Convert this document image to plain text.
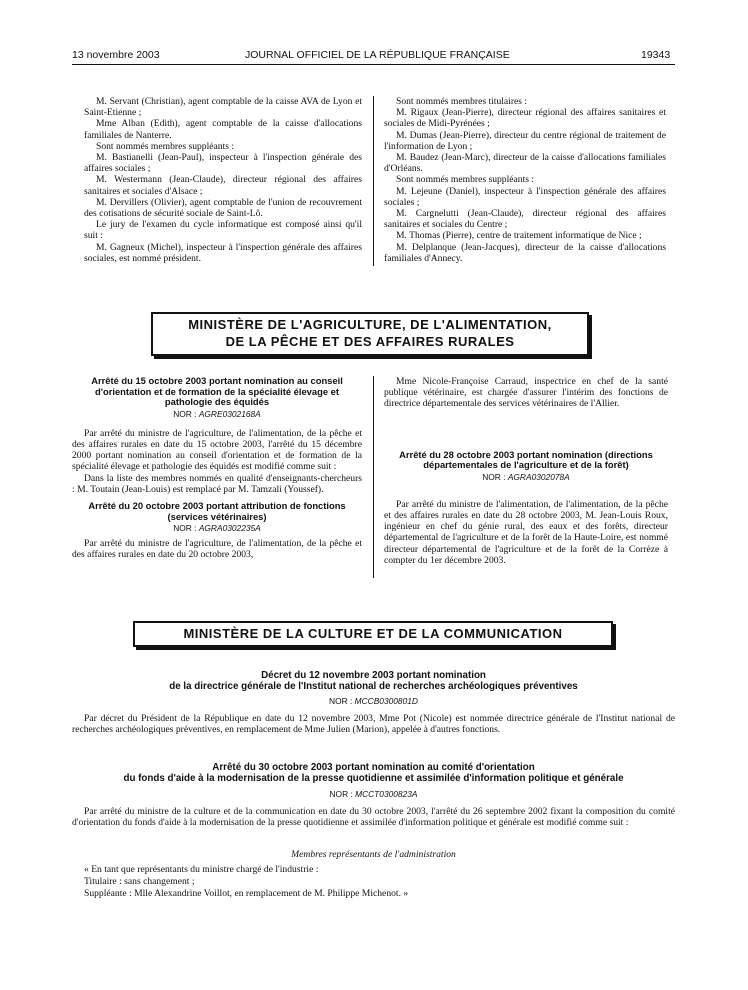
13 novembre 2003	JOURNAL OFFICIEL DE LA RÉPUBLIQUE FRANÇAISE	19343

M. Servant (Christian), agent comptable de la caisse AVA de Lyon et Saint-Etienne ;

Mme Alban (Edith), agent comptable de la caisse d'allocations familiales de Nanterre.

Sont nommés membres suppléants :

M. Bastianelli (Jean-Paul), inspecteur à l'inspection générale des affaires sociales ;

M. Westermann (Jean-Claude), directeur régional des affaires sanitaires et sociales d'Alsace ;

M. Dervillers (Olivier), agent comptable de l'union de recouvrement des cotisations de sécurité sociale de Saint-Lô.

Le jury de l'examen du cycle informatique est composé ainsi qu'il suit :

M. Gagneux (Michel), inspecteur à l'inspection générale des affaires sociales, est nommé président.

Sont nommés membres titulaires :

M. Rigaux (Jean-Pierre), directeur régional des affaires sanitaires et sociales de Midi-Pyrénées ;

M. Dumas (Jean-Pierre), directeur du centre régional de traitement de l'information de Lyon ;

M. Baudez (Jean-Marc), directeur de la caisse d'allocations familiales d'Orléans.

Sont nommés membres suppléants :

M. Lejeune (Daniel), inspecteur à l'inspection générale des affaires sociales ;

M. Cargnelutti (Jean-Claude), directeur régional des affaires sanitaires et sociales du Centre ;

M. Thomas (Pierre), centre de traitement informatique de Nice ;

M. Delplanque (Jean-Jacques), directeur de la caisse d'allocations familiales d'Annecy.

MINISTÈRE DE L'AGRICULTURE, DE L'ALIMENTATION,
DE LA PÊCHE ET DES AFFAIRES RURALES
Arrêté du 15 octobre 2003 portant nomination au conseil d'orientation et de formation de la spécialité élevage et pathologie des équidés
NOR : AGRE0302168A

Par arrêté du ministre de l'agriculture, de l'alimentation, de la pêche et des affaires rurales en date du 15 octobre 2003, l'arrêté du 15 décembre 2000 portant nomination au conseil d'orientation et de formation de la spécialité élevage et pathologie des équidés est modifié comme suit :

Dans la liste des membres nommés en qualité d'enseignants-chercheurs : M. Toutain (Jean-Louis) est remplacé par M. Tamzali (Youssef).

Arrêté du 20 octobre 2003 portant attribution de fonctions (services vétérinaires)
NOR : AGRA0302235A

Par arrêté du ministre de l'agriculture, de l'alimentation, de la pêche et des affaires rurales en date du 20 octobre 2003,

Mme Nicole-Françoise Carraud, inspectrice en chef de la santé publique vétérinaire, est chargée d'assurer l'intérim des fonctions de directrice départementale des services vétérinaires de l'Allier.

Arrêté du 28 octobre 2003 portant nomination (directions départementales de l'agriculture et de la forêt)
NOR : AGRA0302078A

Par arrêté du ministre de l'alimentation, de l'alimentation, de la pêche et des affaires rurales en date du 28 octobre 2003, M. Jean-Louis Roux, ingénieur en chef du génie rural, des eaux et des forêts, directeur départemental de l'agriculture et de la forêt de la Haute-Loire, est nommé directeur départemental de l'agriculture et de la forêt de la Corrèze à compter du 1er décembre 2003.

MINISTÈRE DE LA CULTURE ET DE LA COMMUNICATION
Décret du 12 novembre 2003 portant nomination
de la directrice générale de l'Institut national de recherches archéologiques préventives
NOR : MCCB0300801D

Par décret du Président de la République en date du 12 novembre 2003, Mme Pot (Nicole) est nommée directrice générale de l'Institut national de recherches archéologiques préventives, en remplacement de Mme Julien (Marion), appelée à d'autres fonctions.

Arrêté du 30 octobre 2003 portant nomination au comité d'orientation
du fonds d'aide à la modernisation de la presse quotidienne et assimilée d'information politique et générale
NOR : MCCT0300823A

Par arrêté du ministre de la culture et de la communication en date du 30 octobre 2003, l'arrêté du 26 septembre 2002 fixant la composition du comité d'orientation du fonds d'aide à la modernisation de la presse quotidienne et assimilée d'information politique et générale est modifié comme suit :

Membres représentants de l'administration

« En tant que représentants du ministre chargé de l'industrie :

Titulaire : sans changement ;

Suppléante : Mlle Alexandrine Voillot, en remplacement de M. Philippe Michenot. »
